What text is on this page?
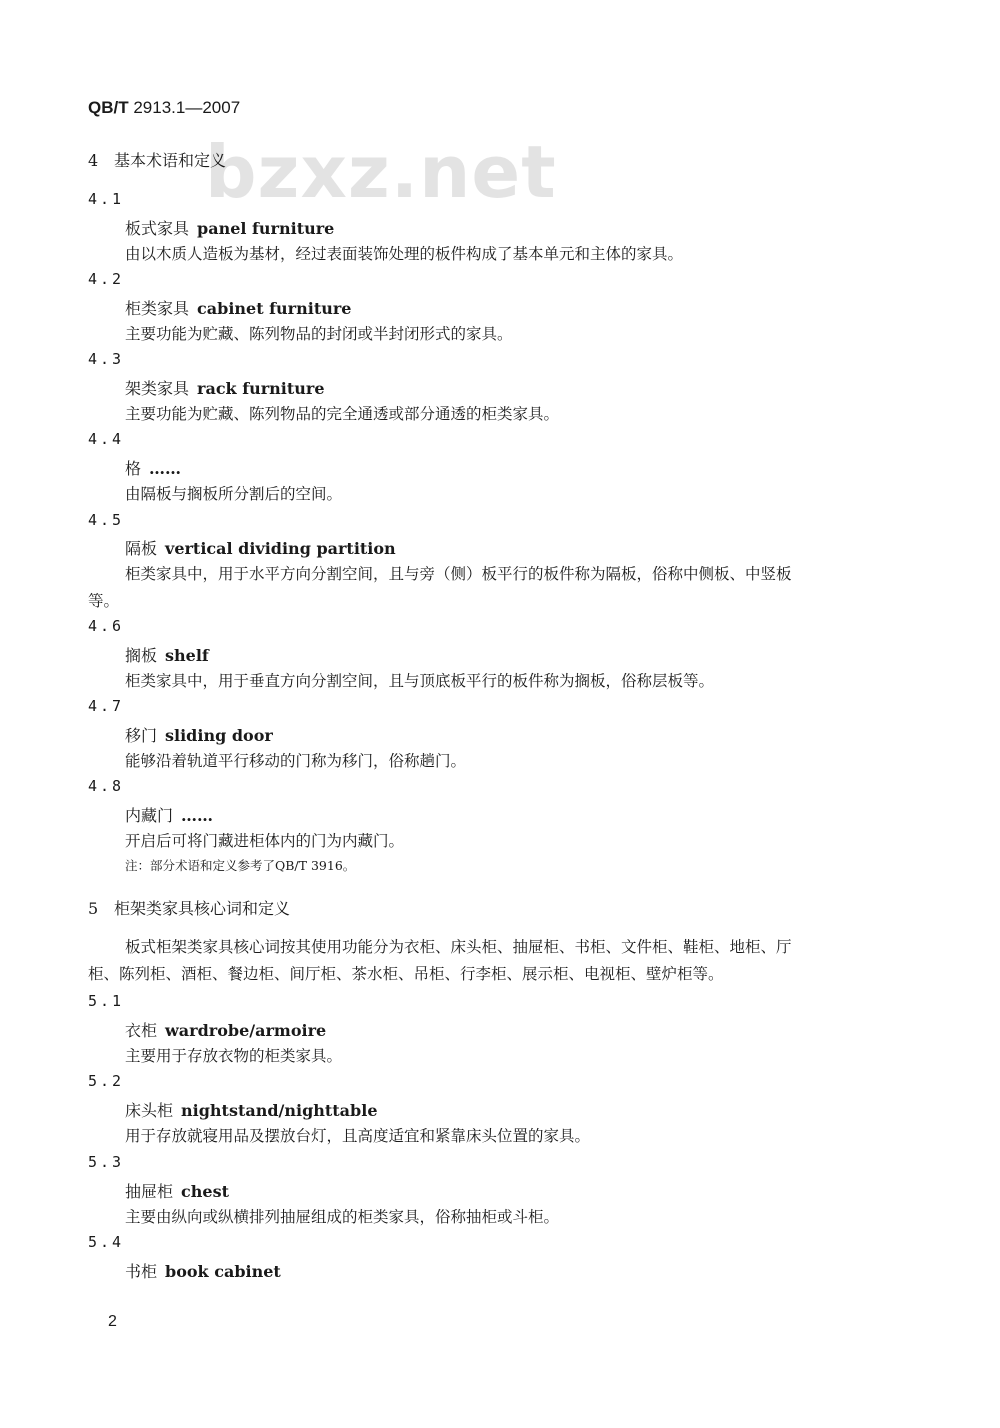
QB/T 2913.1—2007
bzxz.net
4 基本术语和定义
4.1
板式家具 panel furniture
由以木质人造板为基材，经过表面装饰处理的板件构成了基本单元和主体的家具。
4.2
柜类家具 cabinet furniture
主要功能为贮藏、陈列物品的封闭或半封闭形式的家具。
4.3
架类家具 rack furniture
主要功能为贮藏、陈列物品的完全通透或部分通透的柜类家具。
4.4
格 ……
由隔板与搁板所分割后的空间。
4.5
隔板 vertical dividing partition
柜类家具中，用于水平方向分割空间，且与旁（侧）板平行的板件称为隔板，俗称中侧板、中竖板
等。
4.6
搁板 shelf
柜类家具中，用于垂直方向分割空间，且与顶底板平行的板件称为搁板，俗称层板等。
4.7
移门 sliding door
能够沿着轨道平行移动的门称为移门，俗称趟门。
4.8
内藏门 ……
开启后可将门藏进柜体内的门为内藏门。
注：部分术语和定义参考了QB/T 3916。
5 柜架类家具核心词和定义
板式柜架类家具核心词按其使用功能分为衣柜、床头柜、抽屉柜、书柜、文件柜、鞋柜、地柜、厅
柜、陈列柜、酒柜、餐边柜、间厅柜、茶水柜、吊柜、行李柜、展示柜、电视柜、壁炉柜等。
5.1
衣柜 wardrobe/armoire
主要用于存放衣物的柜类家具。
5.2
床头柜 nightstand/nighttable
用于存放就寝用品及摆放台灯，且高度适宜和紧靠床头位置的家具。
5.3
抽屉柜 chest
主要由纵向或纵横排列抽屉组成的柜类家具，俗称抽柜或斗柜。
5.4
书柜 book cabinet
2
